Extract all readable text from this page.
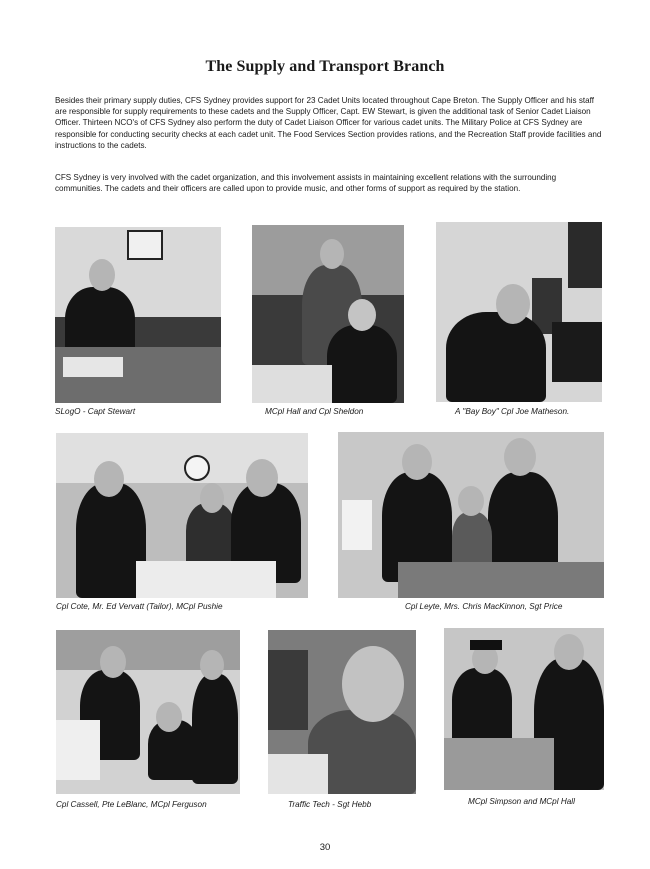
The Supply and Transport Branch

Besides their primary supply duties, CFS Sydney provides support for 23 Cadet Units located throughout Cape Breton. The Supply Officer and his staff are responsible for supply requirements to these cadets and the Supply Officer, Capt. EW Stewart, is given the additional task of Senior Cadet Liaison Officer. Thirteen NCO's of CFS Sydney also perform the duty of Cadet Liaison Officer for various cadet units. The Military Police at CFS Sydney are responsible for conducting security checks at each cadet unit. The Food Services Section provides rations, and the Recreation Staff provide facilities and instructions to the cadets.

CFS Sydney is very involved with the cadet organization, and this involvement assists in maintaining excellent relations with the surrounding communities. The cadets and their officers are called upon to provide music, and other forms of support as required by the station.

SLogO - Capt Stewart	MCpl Hall and Cpl Sheldon	A "Bay Boy" Cpl Joe Matheson.
Cpl Cote, Mr. Ed Vervatt (Tailor), MCpl Pushie	Cpl Leyte, Mrs. Chris MacKinnon, Sgt Price
Cpl Cassell, Pte LeBlanc, MCpl Ferguson	Traffic Tech - Sgt Hebb	MCpl Simpson and MCpl Hall
30
